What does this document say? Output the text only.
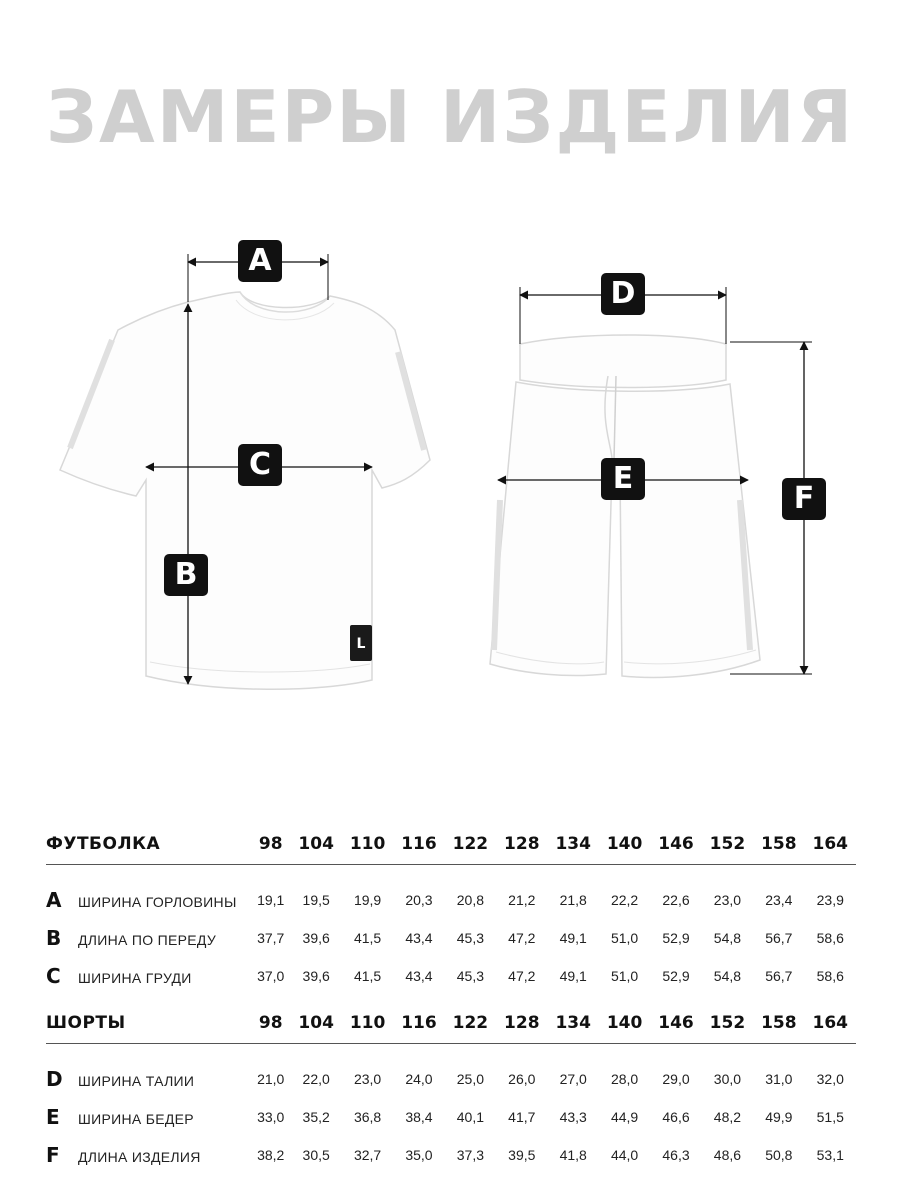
ЗАМЕРЫ ИЗДЕЛИЯ
L
A
B
C
D
E
F
ФУТБОЛКА	98	104	110	116	122	128	134	140	146	152	158	164

A ШИРИНА ГОРЛОВИНЫ	19,1	19,5	19,9	20,3	20,8	21,2	21,8	22,2	22,6	23,0	23,4	23,9
B ДЛИНА ПО ПЕРЕДУ	37,7	39,6	41,5	43,4	45,3	47,2	49,1	51,0	52,9	54,8	56,7	58,6
C ШИРИНА ГРУДИ	37,0	39,6	41,5	43,4	45,3	47,2	49,1	51,0	52,9	54,8	56,7	58,6
ШОРТЫ	98	104	110	116	122	128	134	140	146	152	158	164

D ШИРИНА ТАЛИИ	21,0	22,0	23,0	24,0	25,0	26,0	27,0	28,0	29,0	30,0	31,0	32,0
E ШИРИНА БЕДЕР	33,0	35,2	36,8	38,4	40,1	41,7	43,3	44,9	46,6	48,2	49,9	51,5
F ДЛИНА ИЗДЕЛИЯ	38,2	30,5	32,7	35,0	37,3	39,5	41,8	44,0	46,3	48,6	50,8	53,1
